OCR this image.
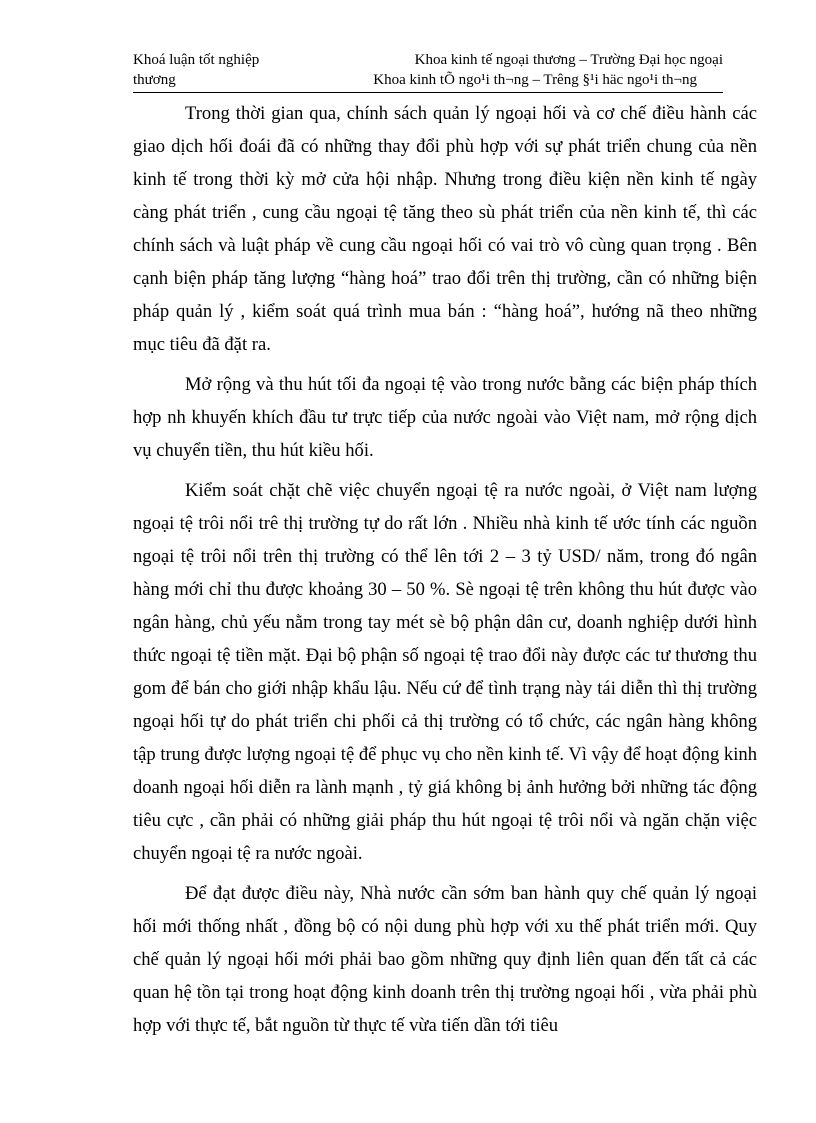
Khoá luận tốt nghiệp	Khoa kinh tế ngoại thương – Trường Đại học ngoại
thương	Khoa kinh tÕ ngo¹i th¬ng – Trêng §¹i häc ngo¹i th¬ng

Trong thời gian qua, chính sách quản lý ngoại hối và cơ chế điều hành các giao dịch hối đoái đã có những thay đổi phù hợp với sự phát triển chung của nền kinh tế trong thời kỳ mở cửa hội nhập. Nhưng trong điều kiện nền kinh tế ngày càng phát triển , cung cầu ngoại tệ tăng theo sù phát triển của nền kinh tế, thì các chính sách và luật pháp về cung cầu ngoại hối có vai trò vô cùng quan trọng . Bên cạnh biện pháp tăng lượng “hàng hoá” trao đổi trên thị trường, cần có những biện pháp quản lý , kiểm soát quá trình mua bán : “hàng hoá”, hướng nã theo những mục tiêu đã đặt ra.

Mở rộng và thu hút tối đa ngoại tệ vào trong nước bằng các biện pháp thích hợp nh khuyến khích đầu tư trực tiếp của nước ngoài vào Việt nam, mở rộng dịch vụ chuyển tiền, thu hút kiều hối.

Kiểm soát chặt chẽ việc chuyển ngoại tệ ra nước ngoài, ở Việt nam lượng ngoại tệ trôi nổi trê thị trường tự do rất lớn . Nhiều nhà kinh tế ước tính các nguồn ngoại tệ trôi nổi trên thị trường có thể lên tới 2 – 3 tỷ USD/ năm, trong đó ngân hàng mới chỉ thu được khoảng 30 – 50 %. Sè ngoại tệ trên không thu hút được vào ngân hàng, chủ yếu nằm trong tay mét sè bộ phận dân cư, doanh nghiệp dưới hình thức ngoại tệ tiền mặt. Đại bộ phận số ngoại tệ trao đổi này được các tư thương thu gom để bán cho giới nhập khẩu lậu. Nếu cứ để tình trạng này tái diễn thì thị trường ngoại hối tự do phát triển chi phối cả thị trường có tổ chức, các ngân hàng không tập trung được lượng ngoại tệ để phục vụ cho nền kinh tế. Vì vậy để hoạt động kinh doanh ngoại hối diễn ra lành mạnh , tỷ giá không bị ảnh hưởng bởi những tác động tiêu cực , cần phải có những giải pháp thu hút ngoại tệ trôi nổi và ngăn chặn việc chuyển ngoại tệ ra nước ngoài.

Để đạt được điều này, Nhà nước cần sớm ban hành quy chế quản lý ngoại hối mới thống nhất , đồng bộ có nội dung phù hợp với xu thế phát triển mới. Quy chế quản lý ngoại hối mới phải bao gồm những quy định liên quan đến tất cả các quan hệ tồn tại trong hoạt động kinh doanh trên thị trường ngoại hối , vừa phải phù hợp với thực tế, bắt nguồn từ thực tế vừa tiến dần tới tiêu
